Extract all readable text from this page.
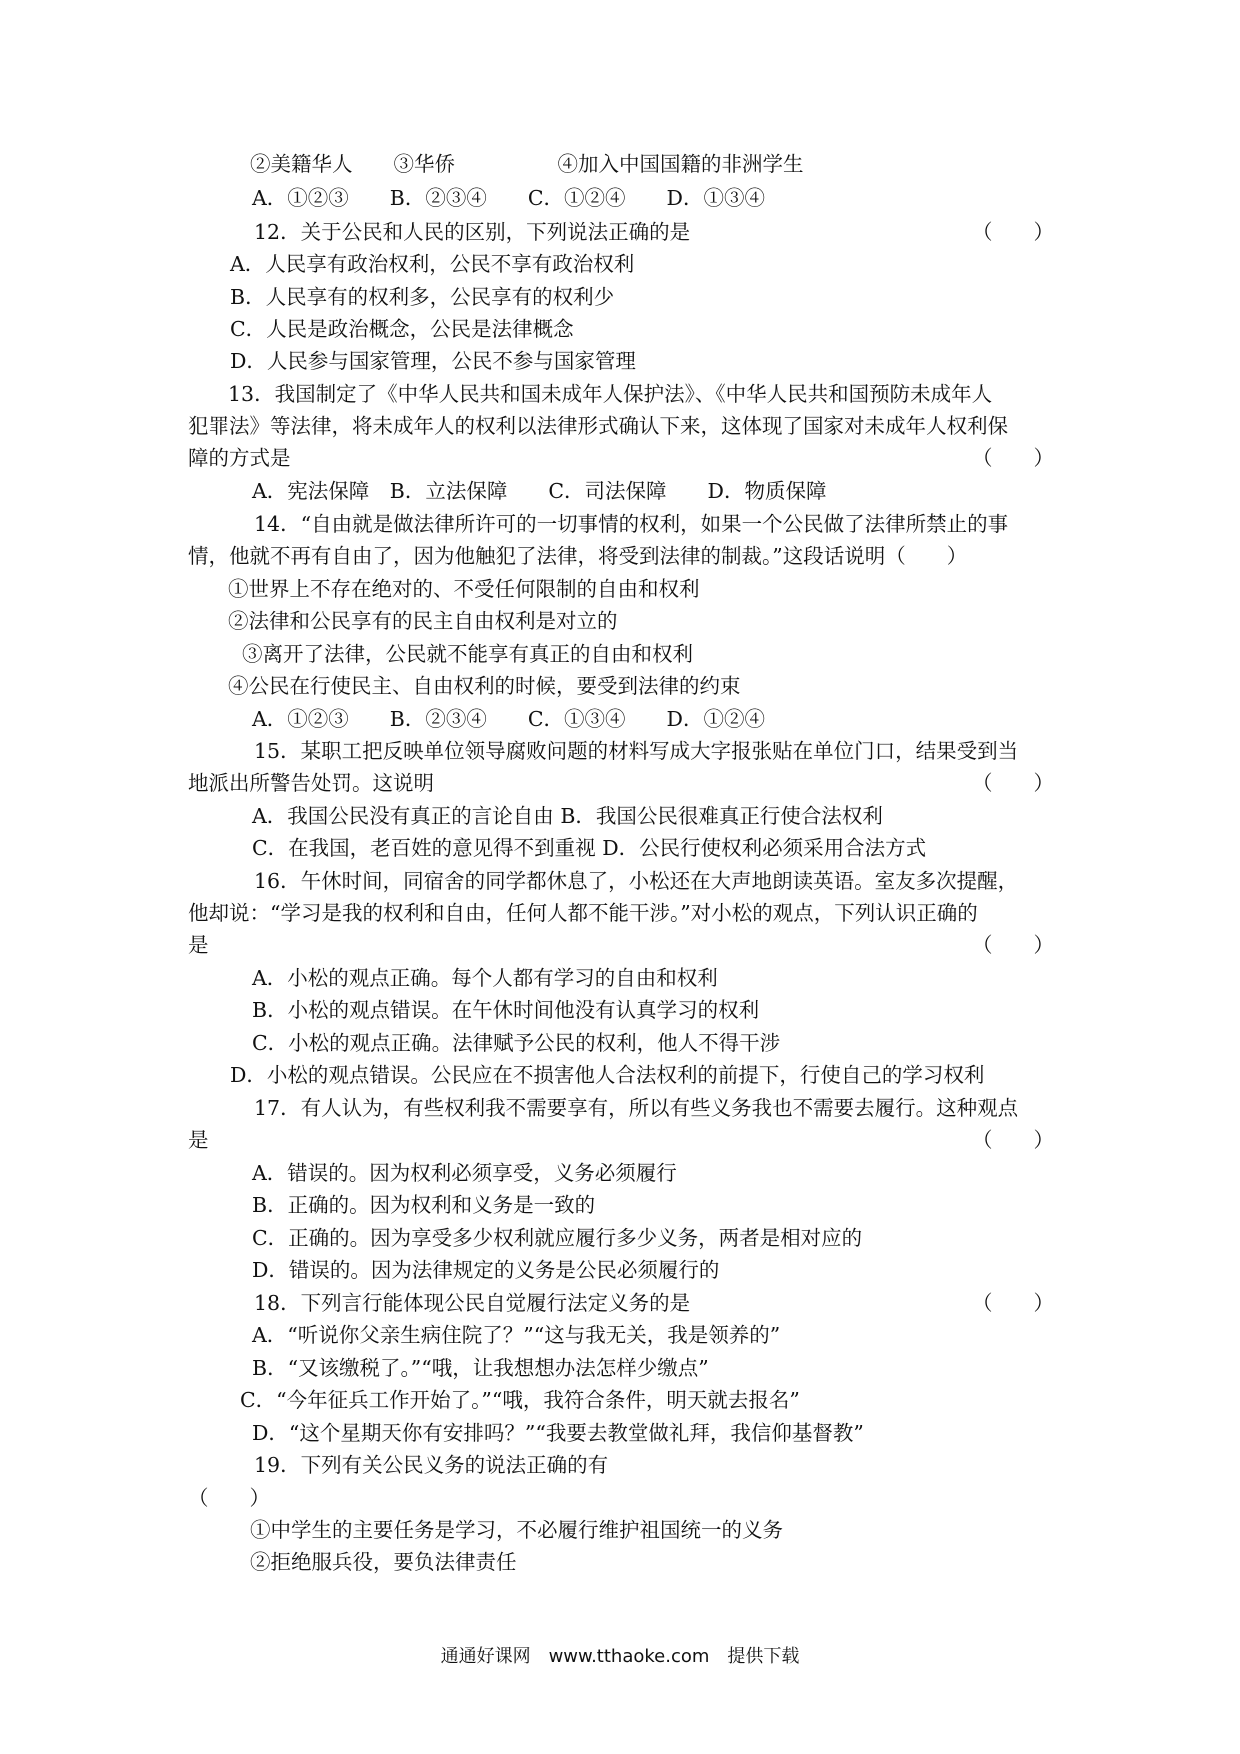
②美籍华人　　③华侨　　　　　④加入中国国籍的非洲学生
A．①②③　　B．②③④　　C．①②④　　D．①③④
12．关于公民和人民的区别，下列说法正确的是	（　　）
A．人民享有政治权利，公民不享有政治权利
B．人民享有的权利多，公民享有的权利少
C．人民是政治概念，公民是法律概念
D．人民参与国家管理，公民不参与国家管理
13．我国制定了《中华人民共和国未成年人保护法》、《中华人民共和国预防未成年人
犯罪法》等法律，将未成年人的权利以法律形式确认下来，这体现了国家对未成年人权利保
障的方式是	（　　）
A．宪法保障　B．立法保障　　C．司法保障　　D．物质保障
14．“自由就是做法律所许可的一切事情的权利，如果一个公民做了法律所禁止的事
情，他就不再有自由了，因为他触犯了法律，将受到法律的制裁。”这段话说明（　　）
①世界上不存在绝对的、不受任何限制的自由和权利
②法律和公民享有的民主自由权利是对立的
③离开了法律，公民就不能享有真正的自由和权利
④公民在行使民主、自由权利的时候，要受到法律的约束
A．①②③　　B．②③④　　C．①③④　　D．①②④
15．某职工把反映单位领导腐败问题的材料写成大字报张贴在单位门口，结果受到当
地派出所警告处罚。这说明	（　　）
A．我国公民没有真正的言论自由 B．我国公民很难真正行使合法权利
C．在我国，老百姓的意见得不到重视 D．公民行使权利必须采用合法方式
16．午休时间，同宿舍的同学都休息了，小松还在大声地朗读英语。室友多次提醒，
他却说：“学习是我的权利和自由，任何人都不能干涉。”对小松的观点，下列认识正确的
是	（　　）
A．小松的观点正确。每个人都有学习的自由和权利
B．小松的观点错误。在午休时间他没有认真学习的权利
C．小松的观点正确。法律赋予公民的权利，他人不得干涉
D．小松的观点错误。公民应在不损害他人合法权利的前提下，行使自己的学习权利
17．有人认为，有些权利我不需要享有，所以有些义务我也不需要去履行。这种观点
是	（　　）
A．错误的。因为权利必须享受，义务必须履行
B．正确的。因为权利和义务是一致的
C．正确的。因为享受多少权利就应履行多少义务，两者是相对应的
D．错误的。因为法律规定的义务是公民必须履行的
18．下列言行能体现公民自觉履行法定义务的是	（　　）
A．“听说你父亲生病住院了？”“这与我无关，我是领养的”
B．“又该缴税了。”“哦，让我想想办法怎样少缴点”
C．“今年征兵工作开始了。”“哦，我符合条件，明天就去报名”
D．“这个星期天你有安排吗？”“我要去教堂做礼拜，我信仰基督教”
19．下列有关公民义务的说法正确的有
（　　）
①中学生的主要任务是学习，不必履行维护祖国统一的义务
②拒绝服兵役，要负法律责任
通通好课网　www.tthaoke.com　提供下载
